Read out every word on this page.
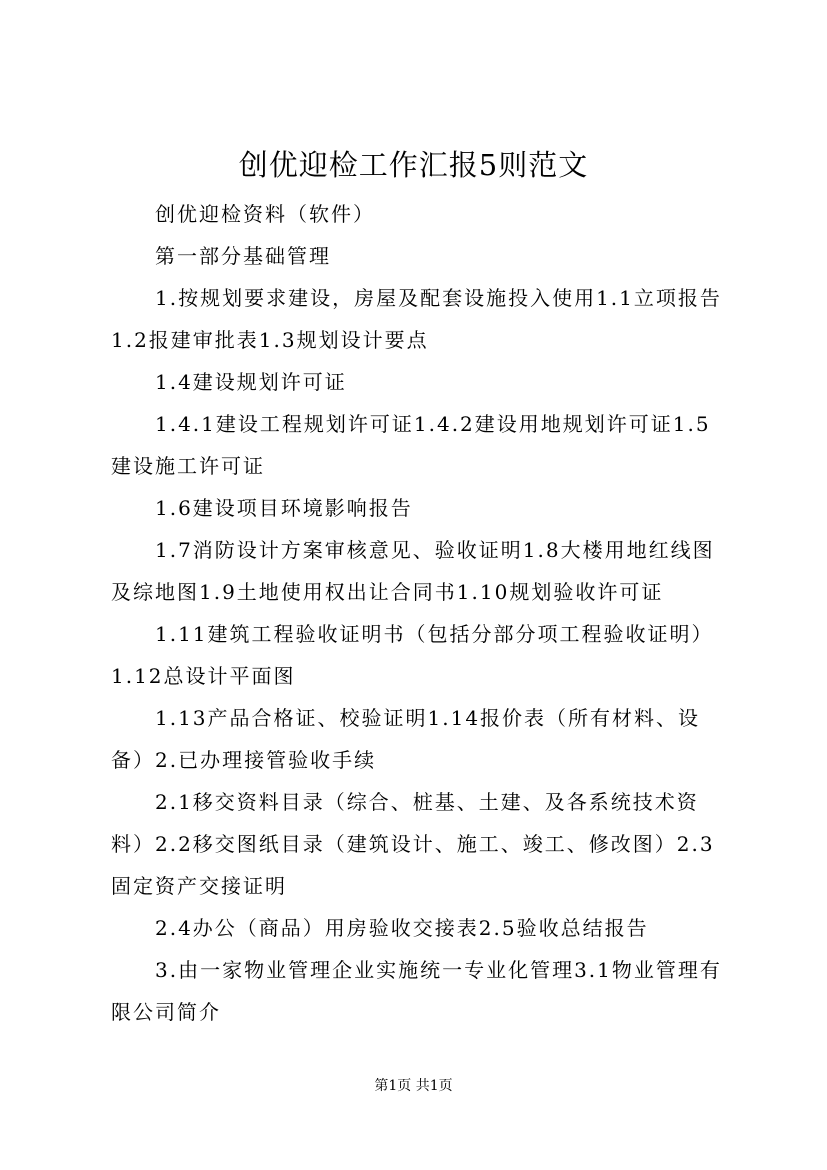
创优迎检工作汇报5则范文

创优迎检资料（软件）

第一部分基础管理

1.按规划要求建设，房屋及配套设施投入使用1.1立项报告1.2报建审批表1.3规划设计要点

1.4建设规划许可证

1.4.1建设工程规划许可证1.4.2建设用地规划许可证1.5建设施工许可证

1.6建设项目环境影响报告

1.7消防设计方案审核意见、验收证明1.8大楼用地红线图及综地图1.9土地使用权出让合同书1.10规划验收许可证

1.11建筑工程验收证明书（包括分部分项工程验收证明）1.12总设计平面图

1.13产品合格证、校验证明1.14报价表（所有材料、设备）2.已办理接管验收手续

2.1移交资料目录（综合、桩基、土建、及各系统技术资料）2.2移交图纸目录（建筑设计、施工、竣工、修改图）2.3固定资产交接证明

2.4办公（商品）用房验收交接表2.5验收总结报告

3.由一家物业管理企业实施统一专业化管理3.1物业管理有限公司简介

第1页 共1页
